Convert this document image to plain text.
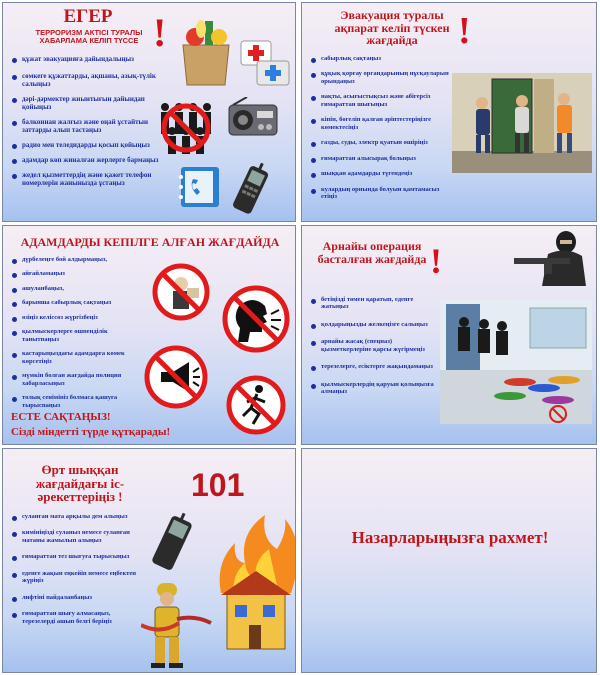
ЕГЕР
ТЕРРОРИЗМ АКТІСІ ТУРАЛЫ ХАБАРЛАМА КЕЛІП ТҮССЕ !
құжат эвакуацияға дайындалыңыз
сөмкеге құжаттарды, ақшаны, азық-түлік салыңыз
дәрі-дәрмектер жиынтығын дайындап қойыңыз
балконнан жалғыз және оңай ұстайтын заттарды алып тастаңыз
радио мен теледидарды қосып қойыңыз
адамдар көп жиналған жерлерге бармаңыз
жедел қызметтердің және қажет телефон номерлерін жанынызда ұстаңыз
Эвакуация туралы ақпарат келіп түскен жағдайда	!
сабырлық сақтаңыз
құқық қорғау органдарының нұсқауларын орындаңыз
нақты, асығыстықсыз және абігерсіз ғимараттан шығыңыз
кіпін, бөгеліп қалған әріптестеріңізге көмектесіңіз
газды, суды, электр қуатын өшіріңіз
ғимараттан алысырақ болыңыз
шыққан адамдарды түгендеңіз
кулардың орнында болуын қамтамасыз етіңіз
АДАМДАРДЫ КЕПІЛГЕ АЛҒАН ЖАҒДАЙДА
дүрбелеңге бой алдырмаңыз,
айғайламаңыз
ашуланбаңыз,
барынша сабырлық сақтаңыз
өзіңіз келіссөз жүргізбеңіз
қылмыскерлерге өшпенділік танытпаңыз
кастарыңыздағы адамдарға көмек көрсетіңіз
мүмкін болған жағдайда полиция хабарласыңыз
толық сенімініз болмаса қашуға тырыспаңыз
ЕСТЕ САҚТАҢЫЗ!
Сізді міндетті түрде құтқарады!
Арнайы операция басталған жағдайда !
бетіңізді төмен қаратып, еденге жатыңыз
қолдарыңызды желкеңізге салыңыз
арнайы жасақ (спецназ) қызметкерлеріне қарсы жүгірмеңіз
терезелерге, есіктерге жақындамаңыз
қылмыскерлердің қаруын қолыңызға алмаңыз
Өрт шыққан жағдайдағы іс-әрекеттеріңіз !	101
суланған мата арқылы дем алыңыз
кимініңізді суланыз немесе суланған матаны жамылып алыңыз
ғимараттан тез шығуға тырысыңыз
еденге жақын еңкейіп немесе еңбектеп жүріңіз
лифтіні пайдаланбаңыз
ғимараттан шығу алмасаңыз, терезелерді ашып белгі беріңіз
Назарларыңызға рахмет!
